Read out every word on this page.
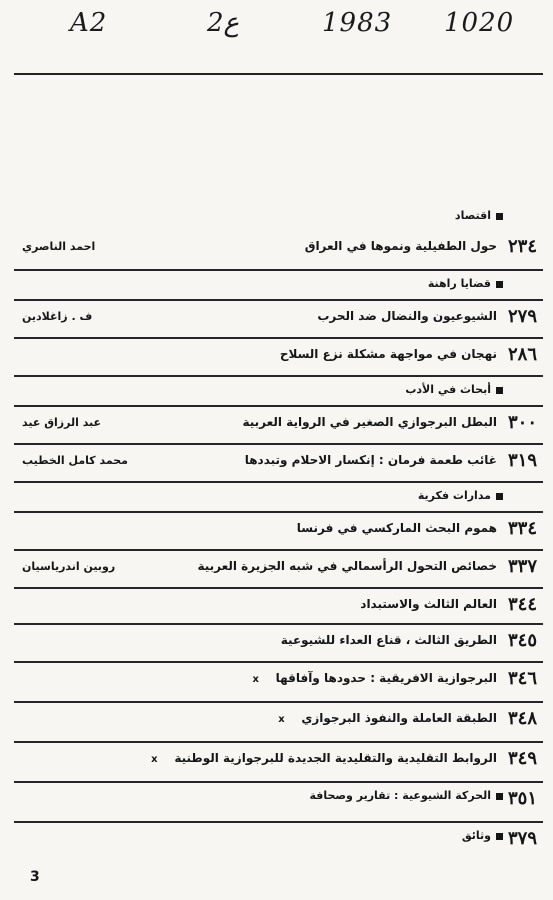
A2	2ع	1983 1020
اقتصاد
٢٣٤
حول الطفيلية ونموها في العراق
احمد الناصري
قضايا راهنة
٢٧٩
الشيوعيون والنضال ضد الحرب
ف . زاغلادين
٢٨٦
نهجان في مواجهة مشكلة نزع السلاح
أبحاث في الأدب
٣٠٠
البطل البرجوازي الصغير في الرواية العربية
عبد الرزاق عيد
٣١٩
غائب طعمة فرمان : إنكسار الاحلام وتبددها
محمد كامل الخطيب
مدارات فكرية
٣٣٤
هموم البحث الماركسي في فرنسا
٣٣٧
خصائص التحول الرأسمالي في شبه الجزيرة العربية
روبين اندرياسيان
٣٤٤
العالم الثالث والاستبداد
٣٤٥
الطريق الثالث ، قناع العداء للشيوعية
٣٤٦
البرجوازية الافريقية : حدودها وآفاقها x
٣٤٨
الطبقة العاملة والنفوذ البرجوازي x
٣٤٩
الروابط التقليدية والتقليدية الجديدة للبرجوازية الوطنية x
٣٥١
الحركة الشيوعية : تقارير وصحافة
٣٧٩
وثائق
3
